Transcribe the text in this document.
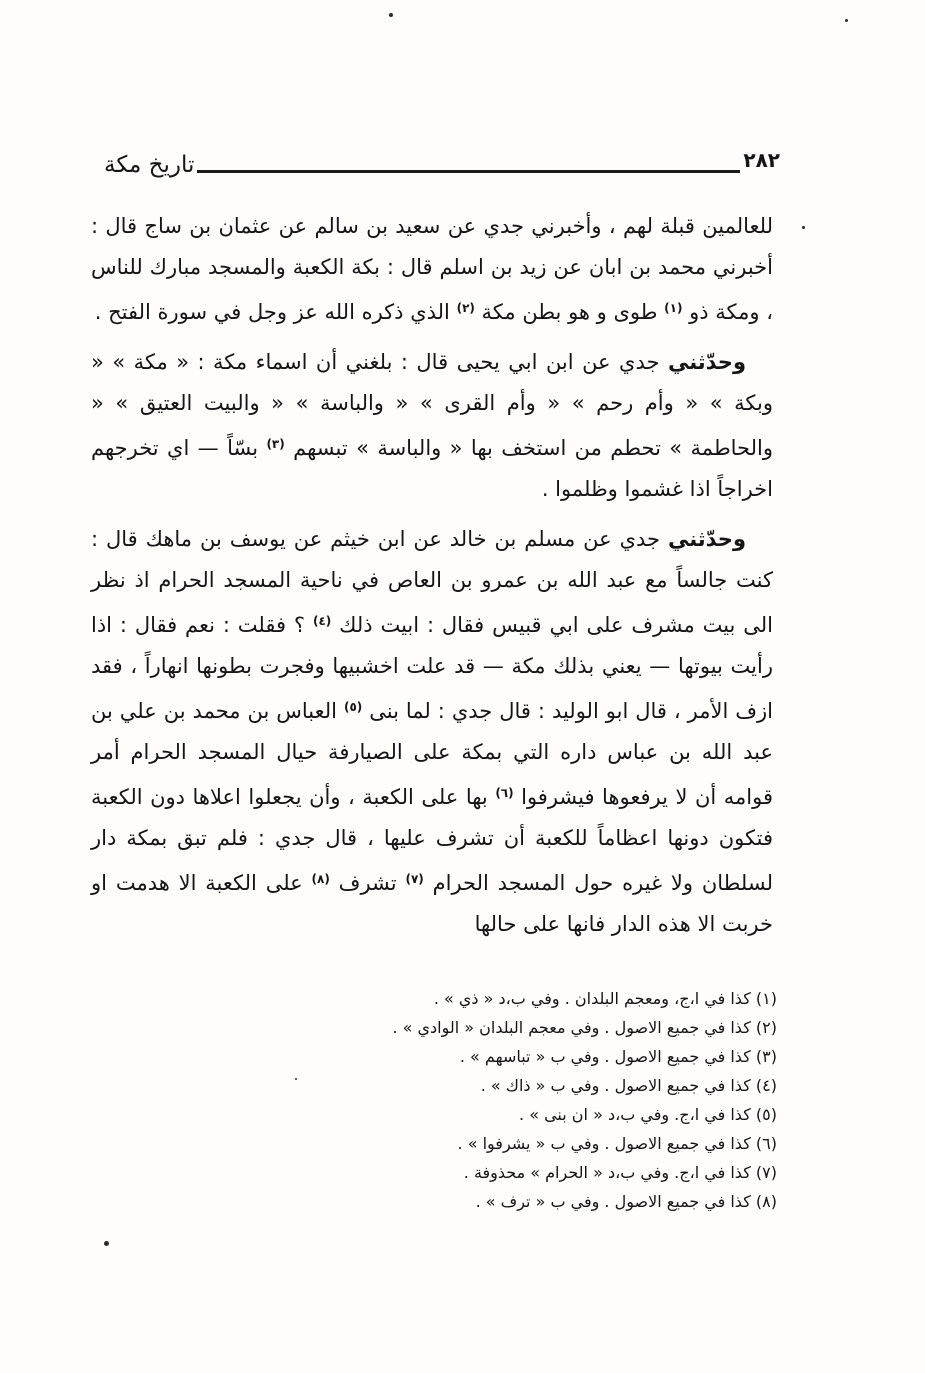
تاريخ مكة	٢٨٢

للعالمين قبلة لهم ، وأخبرني جدي عن سعيد بن سالم عن عثمان بن ساج قال : أخبرني محمد بن ابان عن زيد بن اسلم قال : بكة الكعبة والمسجد مبارك للناس ، ومكة ذو $^{(١)}$ طوى و هو بطن مكة $^{(٢)}$ الذي ذكره الله عز وجل في سورة الفتح .

وحدّثني جدي عن ابن ابي يحيى قال : بلغني أن اسماء مكة : « مكة » « وبكة » « وأم رحم » « وأم القرى » « والباسة » « والبيت العتيق » « والحاطمة » تحطم من استخف بها « والباسة » تبسهم $^{(٣)}$ بسّاً — اي تخرجهم اخراجاً اذا غشموا وظلموا .

وحدّثني جدي عن مسلم بن خالد عن ابن خيثم عن يوسف بن ماهك قال : كنت جالساً مع عبد الله بن عمرو بن العاص في ناحية المسجد الحرام اذ نظر الى بيت مشرف على ابي قبيس فقال : ابيت ذلك $^{(٤)}$ ؟ فقلت : نعم فقال : اذا رأيت بيوتها — يعني بذلك مكة — قد علت اخشبيها وفجرت بطونها انهاراً ، فقد ازف الأمر ، قال ابو الوليد : قال جدي : لما بنى $^{(٥)}$ العباس بن محمد بن علي بن عبد الله بن عباس داره التي بمكة على الصيارفة حيال المسجد الحرام أمر قوامه أن لا يرفعوها فيشرفوا $^{(٦)}$ بها على الكعبة ، وأن يجعلوا اعلاها دون الكعبة فتكون دونها اعظاماً للكعبة أن تشرف عليها ، قال جدي : فلم تبق بمكة دار لسلطان ولا غيره حول المسجد الحرام $^{(٧)}$ تشرف $^{(٨)}$ على الكعبة الا هدمت او خربت الا هذه الدار فانها على حالها

(١) كذا في ا،ج، ومعجم البلدان . وفي ب،د « ذي » .
(٢) كذا في جميع الاصول . وفي معجم البلدان « الوادي » .
(٣) كذا في جميع الاصول . وفي ب « تباسهم » .
(٤) كذا في جميع الاصول . وفي ب « ذاك » .
(٥) كذا في ا،ج. وفي ب،د « ان بنى » .
(٦) كذا في جميع الاصول . وفي ب « يشرفوا » .
(٧) كذا في ا،ج. وفي ب،د « الحرام » محذوفة .
(٨) كذا في جميع الاصول . وفي ب « ترف » .
